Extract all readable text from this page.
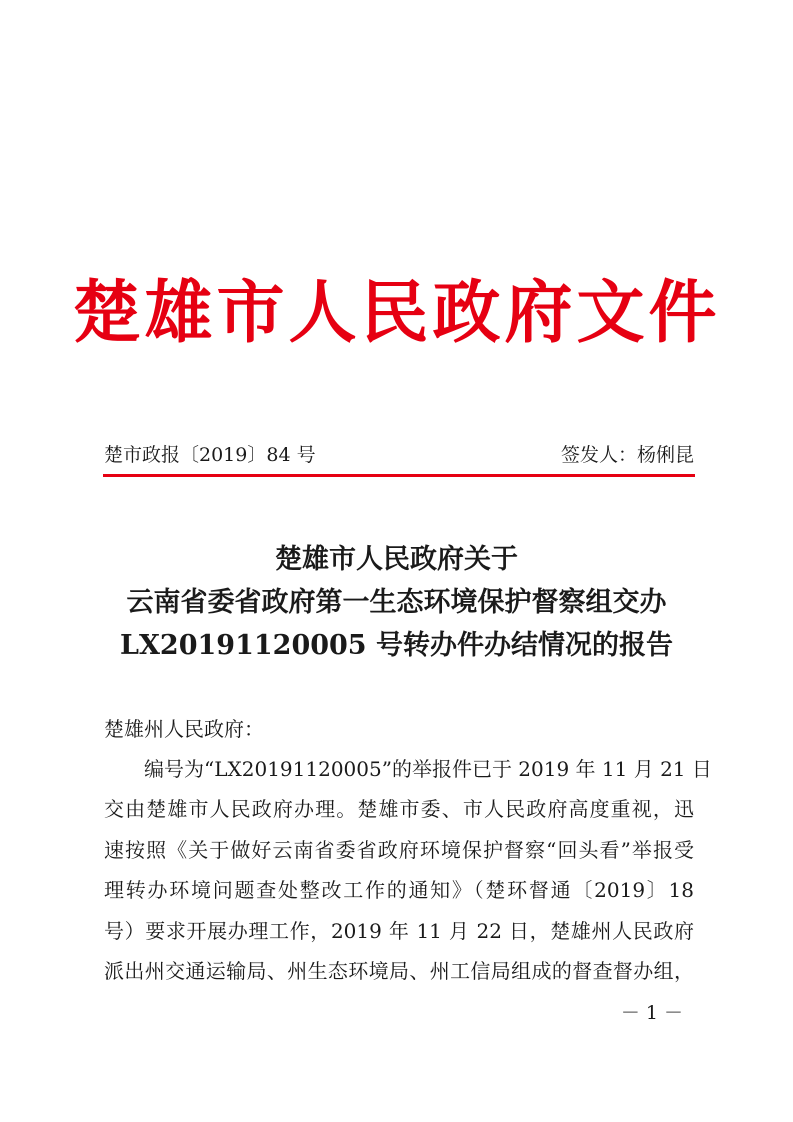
楚雄市人民政府文件
楚市政报〔2019〕84 号	签发人：杨俐昆
楚雄市人民政府关于
云南省委省政府第一生态环境保护督察组交办
LX20191120005 号转办件办结情况的报告
楚雄州人民政府：
编号为“LX20191120005”的举报件已于 2019 年 11 月 21 日
交由楚雄市人民政府办理。楚雄市委、市人民政府高度重视，迅
速按照《关于做好云南省委省政府环境保护督察“回头看”举报受
理转办环境问题查处整改工作的通知》（楚环督通〔2019〕18
号）要求开展办理工作，2019 年 11 月 22 日，楚雄州人民政府
派出州交通运输局、州生态环境局、州工信局组成的督查督办组，
－ 1 －
